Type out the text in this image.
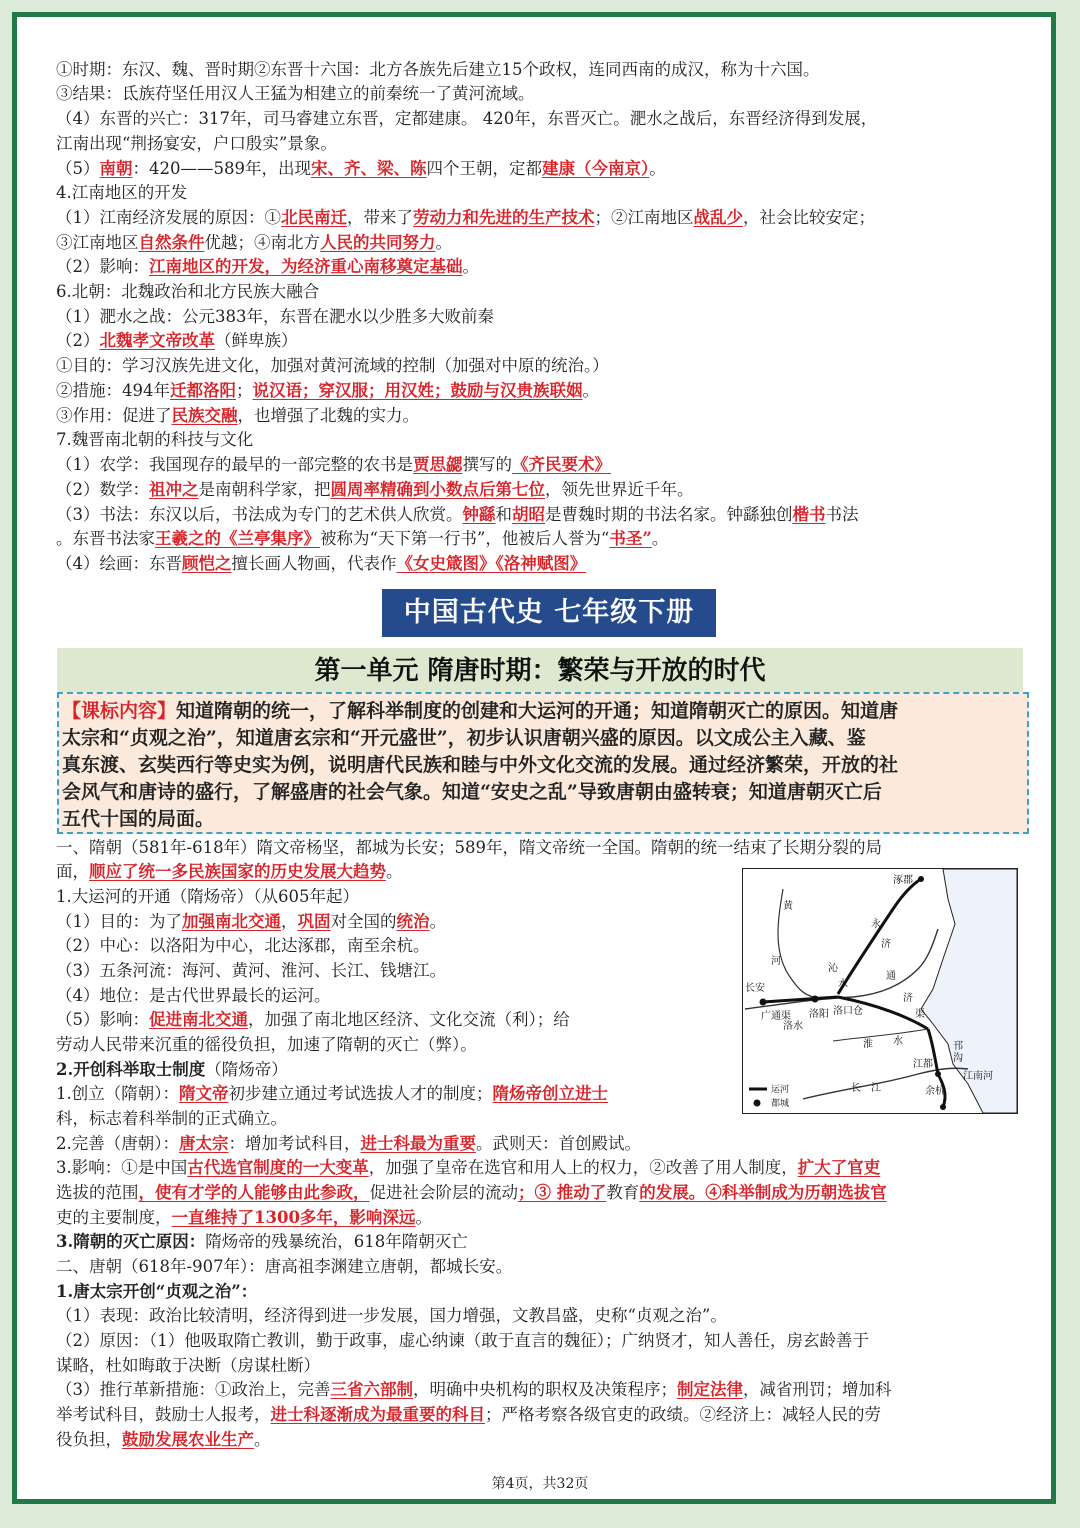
①时期：东汉、魏、晋时期②东晋十六国：北方各族先后建立15个政权，连同西南的成汉，称为十六国。
③结果：氐族苻坚任用汉人王猛为相建立的前秦统一了黄河流域。
（4）东晋的兴亡：317年，司马睿建立东晋，定都建康。 420年，东晋灭亡。淝水之战后，东晋经济得到发展，
江南出现“荆扬宴安，户口殷实”景象。
（5）南朝：420——589年，出现宋、齐、梁、陈四个王朝，定都建康（今南京）。
4.江南地区的开发
（1）江南经济发展的原因：①北民南迁，带来了劳动力和先进的生产技术；②江南地区战乱少，社会比较安定；
③江南地区自然条件优越；④南北方人民的共同努力。
（2）影响：江南地区的开发，为经济重心南移奠定基础。
6.北朝：北魏政治和北方民族大融合
（1）淝水之战：公元383年，东晋在淝水以少胜多大败前秦
（2）北魏孝文帝改革（鲜卑族）
①目的：学习汉族先进文化，加强对黄河流域的控制（加强对中原的统治。）
②措施：494年迁都洛阳；说汉语；穿汉服；用汉姓；鼓励与汉贵族联姻。
③作用：促进了民族交融，也增强了北魏的实力。
7.魏晋南北朝的科技与文化
（1）农学：我国现存的最早的一部完整的农书是贾思勰撰写的《齐民要术》
（2）数学：祖冲之是南朝科学家，把圆周率精确到小数点后第七位，领先世界近千年。
（3）书法：东汉以后，书法成为专门的艺术供人欣赏。钟繇和胡昭是曹魏时期的书法名家。钟繇独创楷书书法
。东晋书法家王羲之的《兰亭集序》被称为“天下第一行书”，他被后人誉为“书圣”。
（4）绘画：东晋顾恺之擅长画人物画，代表作《女史箴图》《洛神赋图》
中国古代史 七年级下册
第一单元 隋唐时期：繁荣与开放的时代
【课标内容】知道隋朝的统一，了解科举制度的创建和大运河的开通；知道隋朝灭亡的原因。知道唐
太宗和“贞观之治”，知道唐玄宗和“开元盛世”，初步认识唐朝兴盛的原因。以文成公主入藏、鉴
真东渡、玄奘西行等史实为例，说明唐代民族和睦与中外文化交流的发展。通过经济繁荣，开放的社
会风气和唐诗的盛行，了解盛唐的社会气象。知道“安史之乱”导致唐朝由盛转衰；知道唐朝灭亡后
五代十国的局面。
一、隋朝（581年-618年）隋文帝杨坚，都城为长安；589年，隋文帝统一全国。隋朝的统一结束了长期分裂的局
面，顺应了统一多民族国家的历史发展大趋势。
1.大运河的开通（隋炀帝）（从605年起）
（1）目的：为了加强南北交通，巩固对全国的统治。
（2）中心：以洛阳为中心，北达涿郡，南至余杭。
（3）五条河流：海河、黄河、淮河、长江、钱塘江。
（4）地位：是古代世界最长的运河。
（5）影响：促进南北交通，加强了南北地区经济、文化交流（利）；给
劳动人民带来沉重的徭役负担，加速了隋朝的灭亡（弊）。
2.开创科举取士制度（隋炀帝）
1.创立（隋朝）：隋文帝初步建立通过考试选拔人才的制度；隋炀帝创立进士
科，标志着科举制的正式确立。
2.完善（唐朝）：唐太宗：增加考试科目，进士科最为重要。武则天：首创殿试。
3.影响：①是中国古代选官制度的一大变革，加强了皇帝在选官和用人上的权力，②改善了用人制度，扩大了官吏
选拔的范围，使有才学的人能够由此参政，促进社会阶层的流动；③ 推动了教育的发展。④科举制成为历朝选拔官
吏的主要制度，一直维持了1300多年，影响深远。
3.隋朝的灭亡原因：隋炀帝的残暴统治，618年隋朝灭亡
二、唐朝（618年-907年）：唐高祖李渊建立唐朝，都城长安。
1.唐太宗开创“贞观之治”：
（1）表现：政治比较清明，经济得到进一步发展，国力增强，文教昌盛，史称“贞观之治”。
（2）原因：（1）他吸取隋亡教训，勤于政事，虚心纳谏（敢于直言的魏征）；广纳贤才，知人善任，房玄龄善于
谋略，杜如晦敢于决断（房谋杜断）
（3）推行革新措施：①政治上，完善三省六部制，明确中央机构的职权及决策程序；制定法律，减省刑罚；增加科
举考试科目，鼓励士人报考，进士科逐渐成为最重要的科目；严格考察各级官吏的政绩。②经济上：减轻人民的劳
役负担，鼓励发展农业生产。
涿郡
黄
河
永
济
沁
水
通
济
渠
长安
广通渠
洛水
洛阳 洛口仓
淮 水	邗
沟
江都
江南河
余杭
长 江
运河
都城
第4页，共32页
